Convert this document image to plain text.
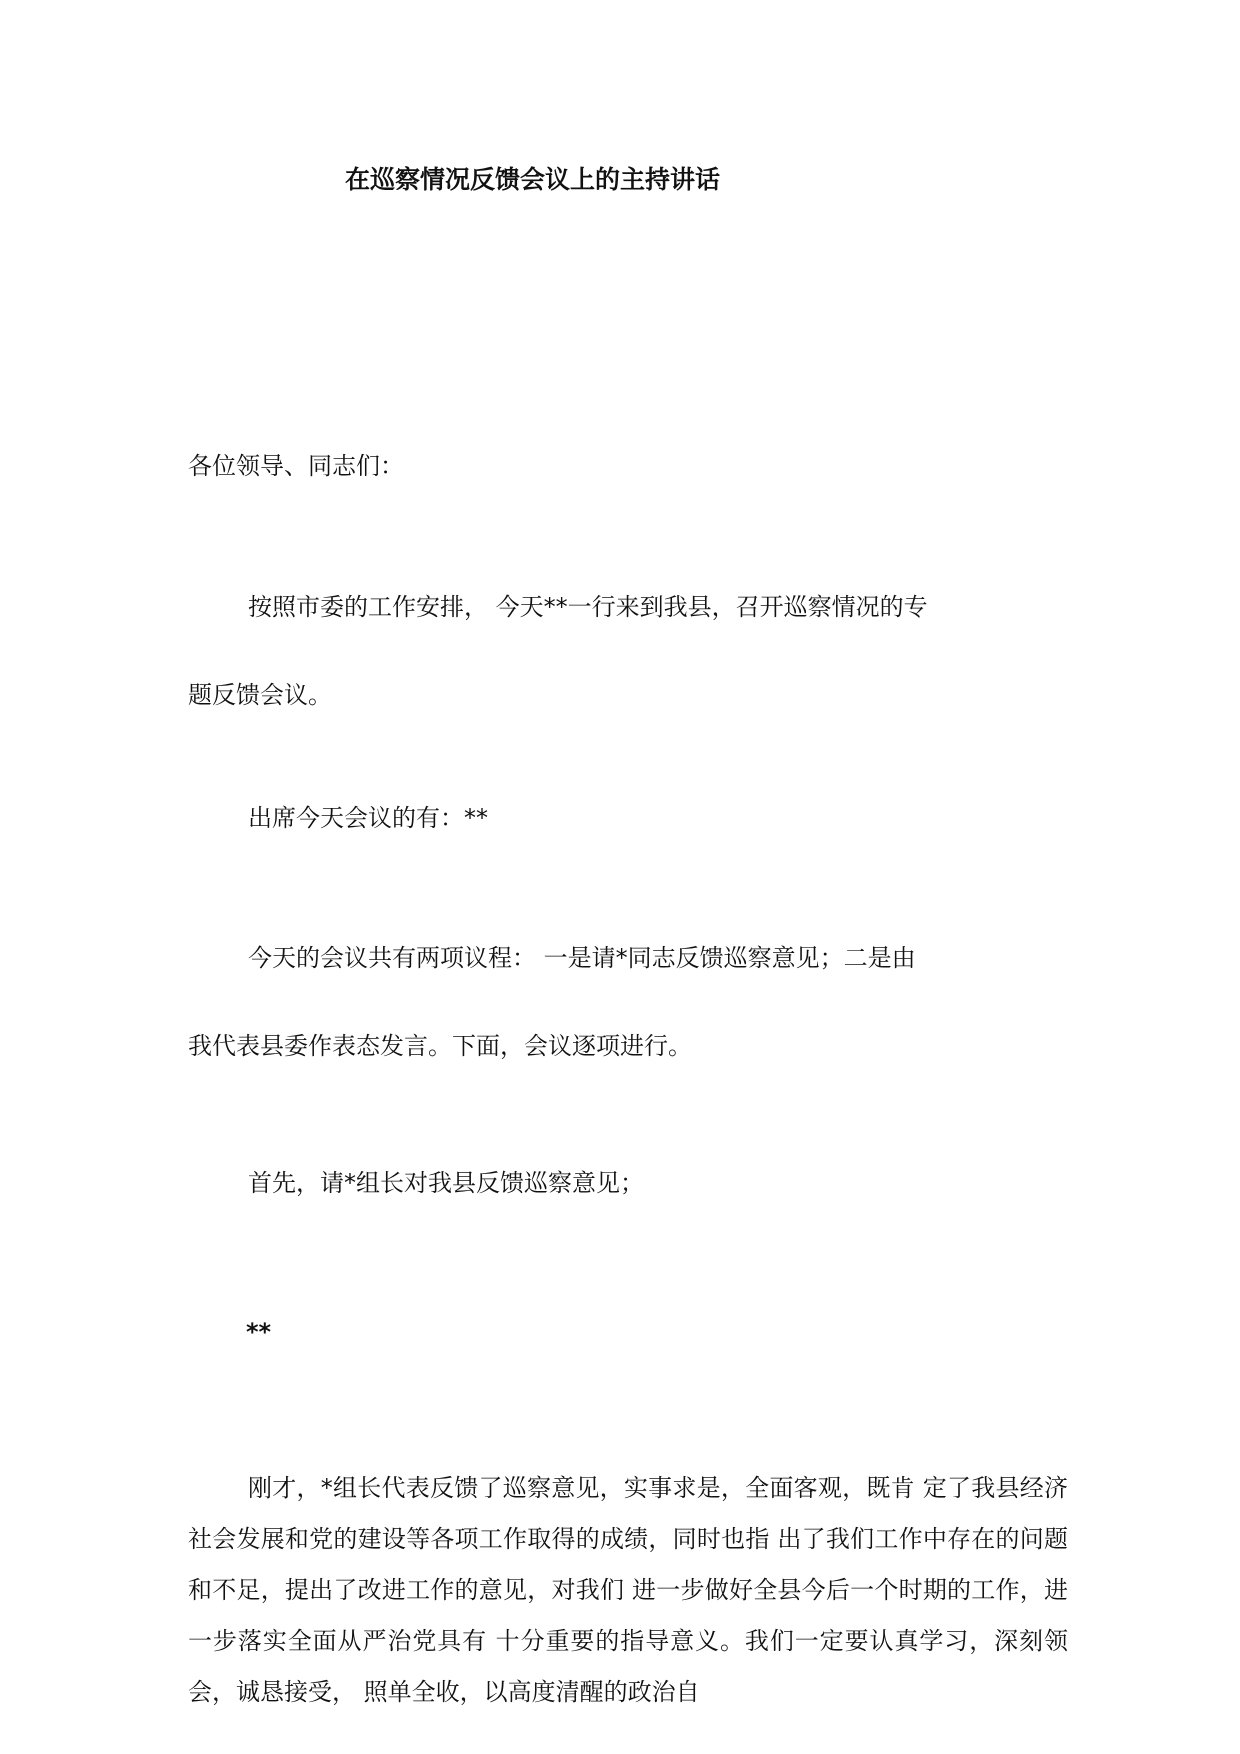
在巡察情况反馈会议上的主持讲话
各位领导、同志们：
按照市委的工作安排， 今天**一行来到我县，召开巡察情况的专
题反馈会议。
出席今天会议的有：**
今天的会议共有两项议程： 一是请*同志反馈巡察意见；二是由
我代表县委作表态发言。下面，会议逐项进行。
首先，请*组长对我县反馈巡察意见；
**
刚才，*组长代表反馈了巡察意见，实事求是，全面客观，既肯 定了我县经济社会发展和党的建设等各项工作取得的成绩，同时也指 出了我们工作中存在的问题和不足，提出了改进工作的意见，对我们 进一步做好全县今后一个时期的工作，进一步落实全面从严治党具有 十分重要的指导意义。我们一定要认真学习，深刻领会，诚恳接受， 照单全收，以高度清醒的政治自
